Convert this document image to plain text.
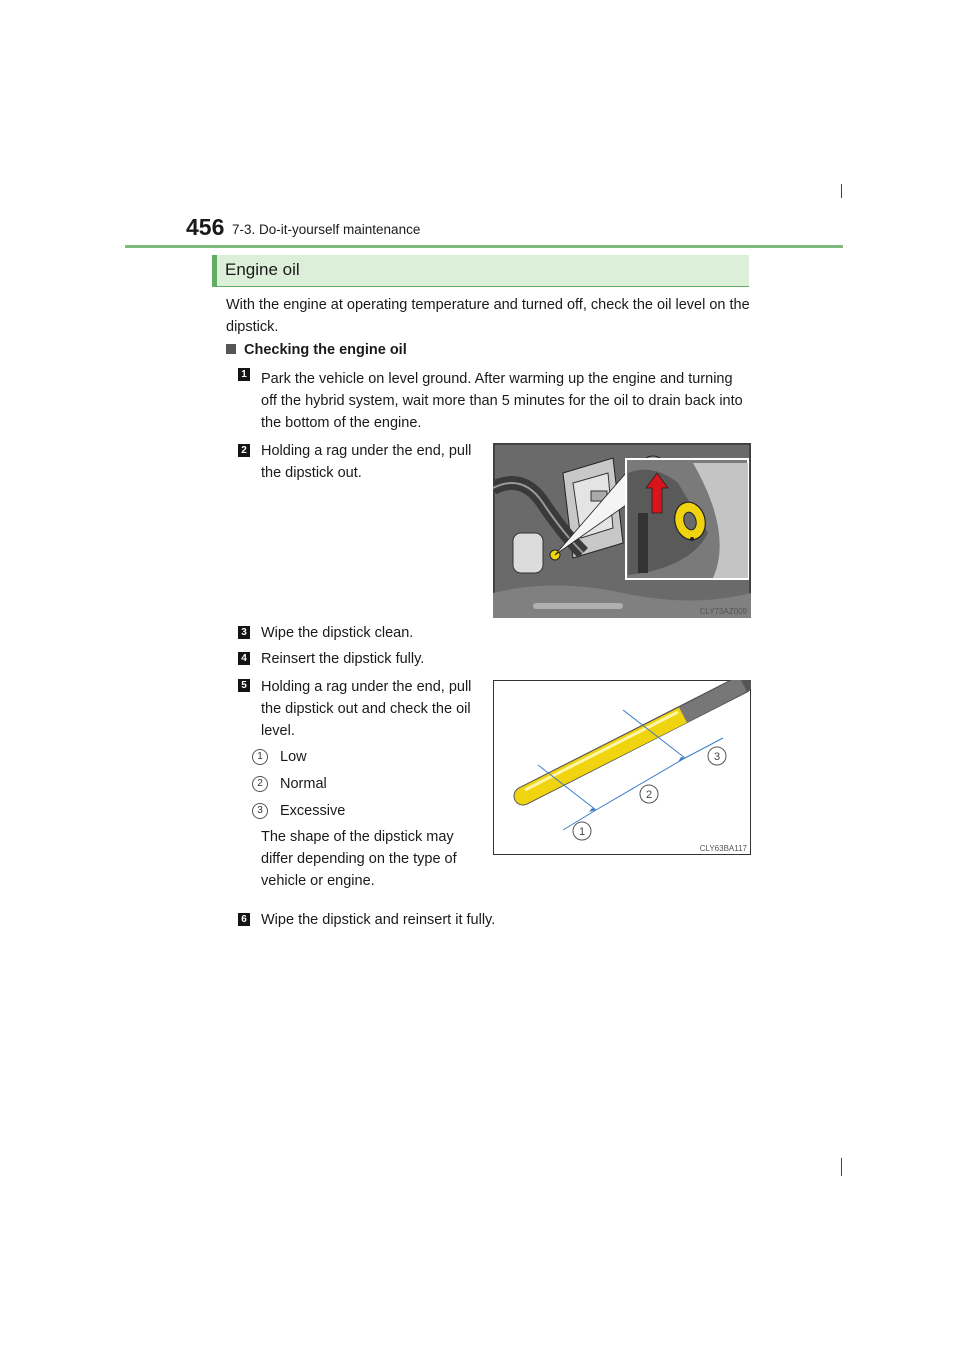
456 7-3. Do-it-yourself maintenance
Engine oil
With the engine at operating temperature and turned off, check the oil level on the dipstick.
Checking the engine oil
1 Park the vehicle on level ground. After warming up the engine and turning off the hybrid system, wait more than 5 minutes for the oil to drain back into the bottom of the engine.
2 Holding a rag under the end, pull the dipstick out.
CLY73AZ009
3 Wipe the dipstick clean.
4 Reinsert the dipstick fully.
5 Holding a rag under the end, pull the dipstick out and check the oil level.
1	Low
2	Normal
3	Excessive
The shape of the dipstick may differ depending on the type of vehicle or engine.
1
2
3
CLY63BA117
6 Wipe the dipstick and reinsert it fully.
